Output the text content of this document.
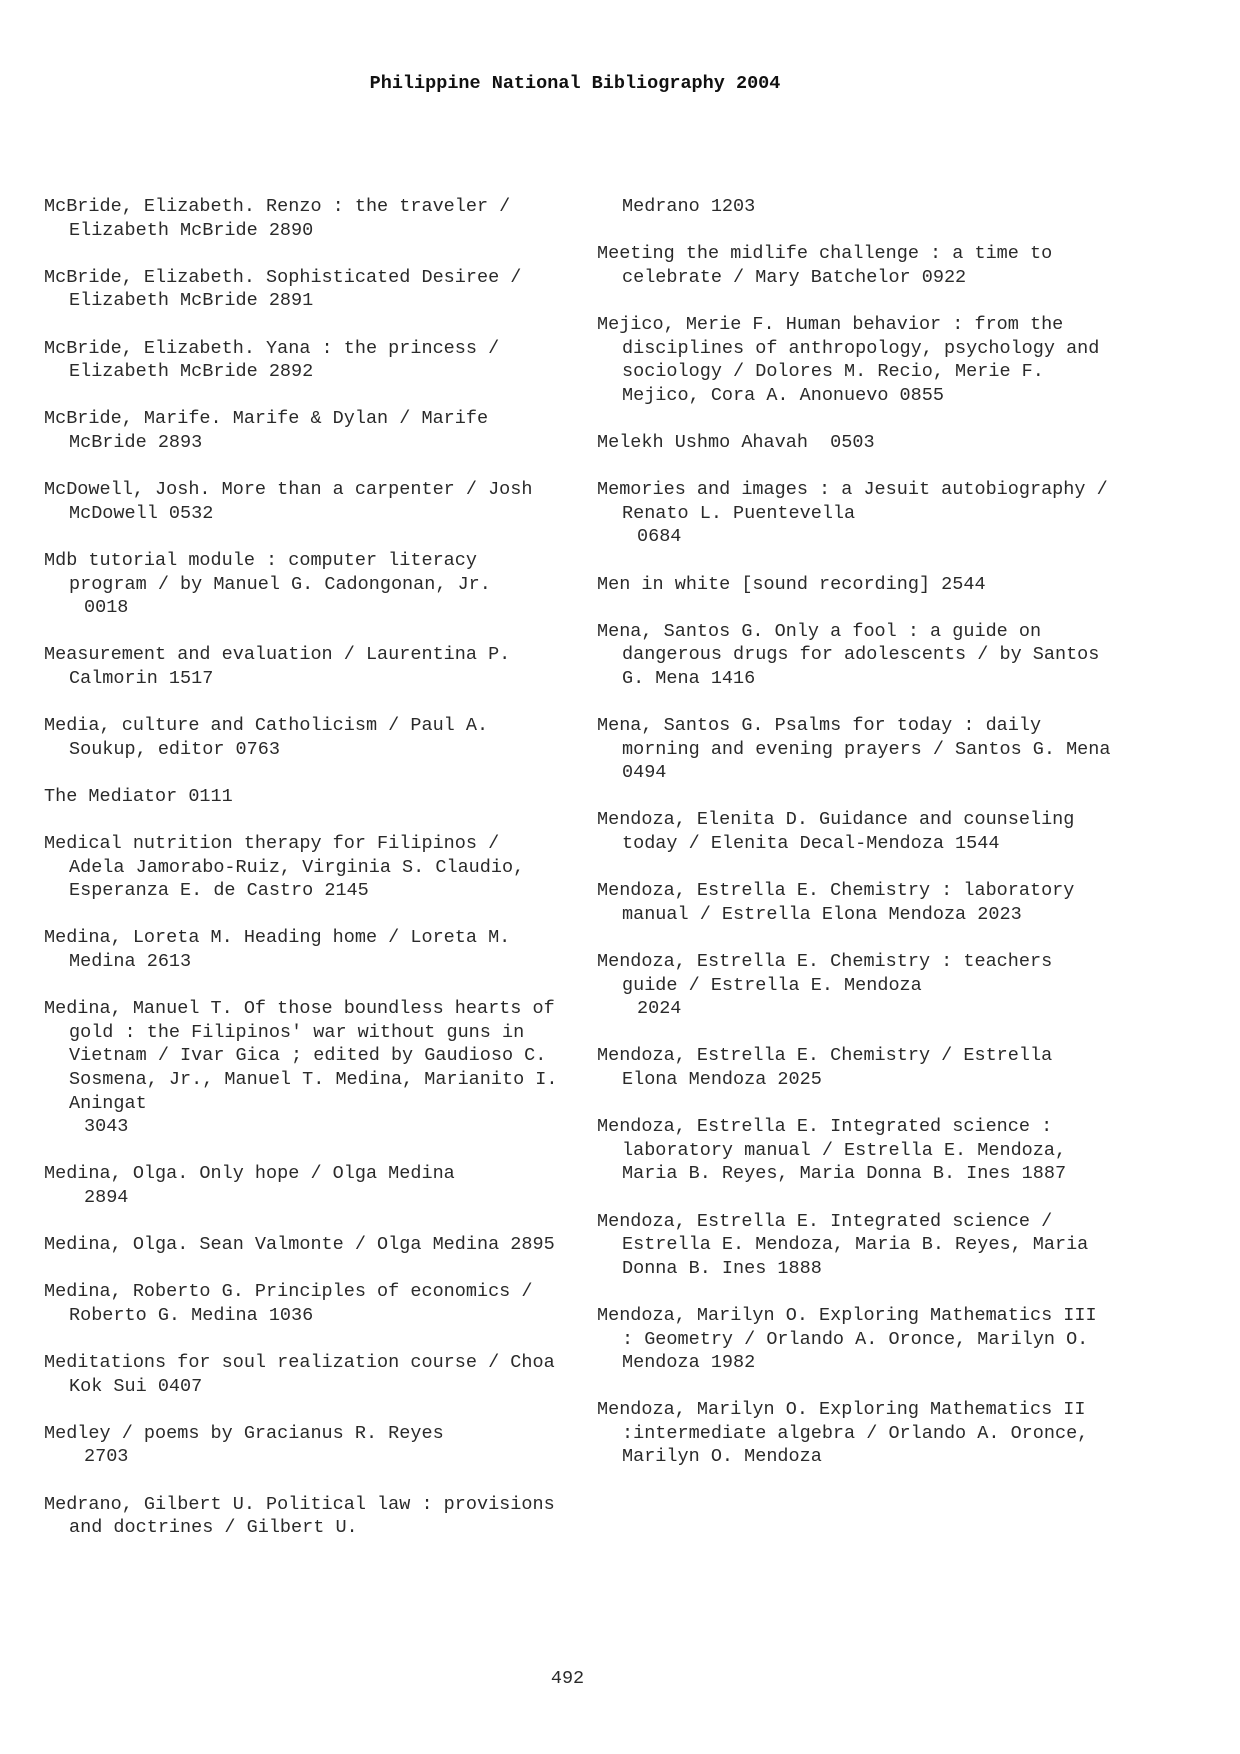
Philippine National Bibliography 2004

McBride, Elizabeth. Renzo : the traveler / Elizabeth McBride 2890

McBride, Elizabeth. Sophisticated Desiree / Elizabeth McBride 2891

McBride, Elizabeth. Yana : the princess / Elizabeth McBride 2892

McBride, Marife. Marife & Dylan / Marife McBride 2893

McDowell, Josh. More than a carpenter / Josh McDowell 0532

Mdb tutorial module : computer literacy program / by Manuel G. Cadongonan, Jr.
0018

Measurement and evaluation / Laurentina P. Calmorin 1517

Media, culture and Catholicism / Paul A. Soukup, editor 0763

The Mediator 0111

Medical nutrition therapy for Filipinos / Adela Jamorabo-Ruiz, Virginia S. Claudio, Esperanza E. de Castro 2145

Medina, Loreta M. Heading home / Loreta M. Medina 2613

Medina, Manuel T. Of those boundless hearts of gold : the Filipinos' war without guns in Vietnam / Ivar Gica ; edited by Gaudioso C. Sosmena, Jr., Manuel T. Medina, Marianito I. Aningat
3043

Medina, Olga. Only hope / Olga Medina
2894

Medina, Olga. Sean Valmonte / Olga Medina 2895

Medina, Roberto G. Principles of economics / Roberto G. Medina 1036

Meditations for soul realization course / Choa Kok Sui 0407

Medley / poems by Gracianus R. Reyes
2703

Medrano, Gilbert U. Political law : provisions and doctrines / Gilbert U.

Medrano 1203

Meeting the midlife challenge : a time to celebrate / Mary Batchelor 0922

Mejico, Merie F. Human behavior : from the disciplines of anthropology, psychology and sociology / Dolores M. Recio, Merie F. Mejico, Cora A. Anonuevo 0855

Melekh Ushmo Ahavah  0503

Memories and images : a Jesuit autobiography / Renato L. Puentevella
0684

Men in white [sound recording] 2544

Mena, Santos G. Only a fool : a guide on dangerous drugs for adolescents / by Santos G. Mena 1416

Mena, Santos G. Psalms for today : daily morning and evening prayers / Santos G. Mena 0494

Mendoza, Elenita D. Guidance and counseling today / Elenita Decal-Mendoza 1544

Mendoza, Estrella E. Chemistry : laboratory manual / Estrella Elona Mendoza 2023

Mendoza, Estrella E. Chemistry : teachers guide / Estrella E. Mendoza
2024

Mendoza, Estrella E. Chemistry / Estrella Elona Mendoza 2025

Mendoza, Estrella E. Integrated science : laboratory manual / Estrella E. Mendoza, Maria B. Reyes, Maria Donna B. Ines 1887

Mendoza, Estrella E. Integrated science / Estrella E. Mendoza, Maria B. Reyes, Maria Donna B. Ines 1888

Mendoza, Marilyn O. Exploring Mathematics III : Geometry / Orlando A. Oronce, Marilyn O. Mendoza 1982

Mendoza, Marilyn O. Exploring Mathematics II :intermediate algebra / Orlando A. Oronce, Marilyn O. Mendoza

492
